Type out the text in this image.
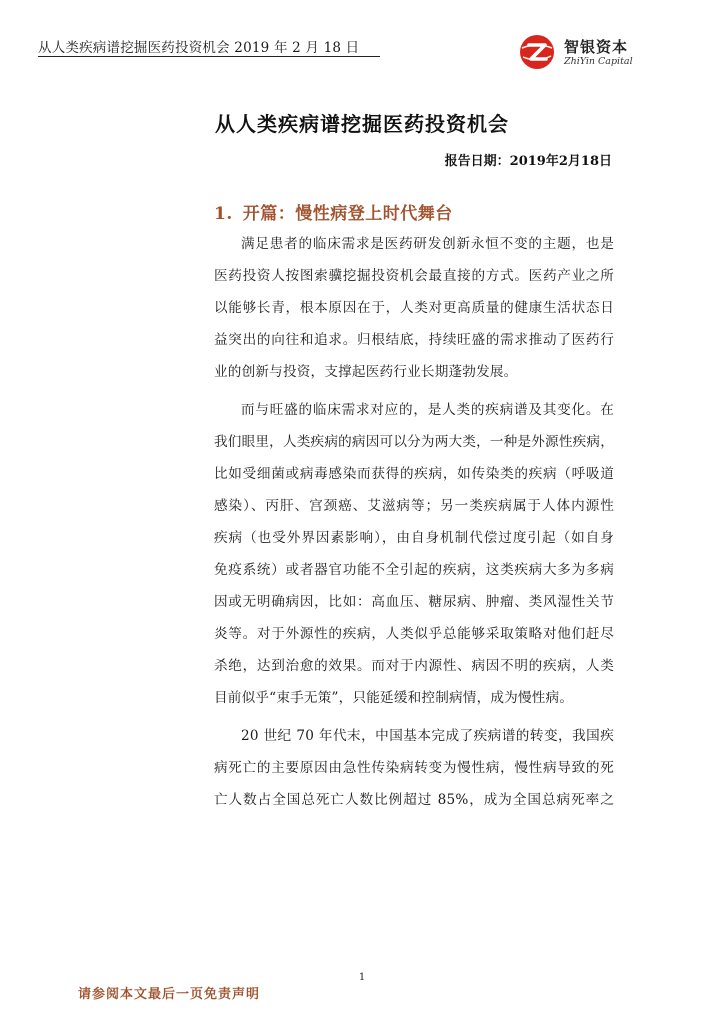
从人类疾病谱挖掘医药投资机会 2019 年 2 月 18 日	智银资本
ZhiYin Capital
从人类疾病谱挖掘医药投资机会
报告日期：2019年2月18日
1. 开篇：慢性病登上时代舞台
满足患者的临床需求是医药研发创新永恒不变的主题，也是
医药投资人按图索骥挖掘投资机会最直接的方式。医药产业之所
以能够长青，根本原因在于，人类对更高质量的健康生活状态日
益突出的向往和追求。归根结底，持续旺盛的需求推动了医药行
业的创新与投资，支撑起医药行业长期蓬勃发展。
而与旺盛的临床需求对应的，是人类的疾病谱及其变化。在
我们眼里，人类疾病的病因可以分为两大类，一种是外源性疾病，
比如受细菌或病毒感染而获得的疾病，如传染类的疾病（呼吸道
感染）、丙肝、宫颈癌、艾滋病等；另一类疾病属于人体内源性
疾病（也受外界因素影响），由自身机制代偿过度引起（如自身
免疫系统）或者器官功能不全引起的疾病，这类疾病大多为多病
因或无明确病因，比如：高血压、糖尿病、肿瘤、类风湿性关节
炎等。对于外源性的疾病，人类似乎总能够采取策略对他们赶尽
杀绝，达到治愈的效果。而对于内源性、病因不明的疾病，人类
目前似乎“束手无策”，只能延缓和控制病情，成为慢性病。
20 世纪 70 年代末，中国基本完成了疾病谱的转变，我国疾
病死亡的主要原因由急性传染病转变为慢性病，慢性病导致的死
亡人数占全国总死亡人数比例超过 85%，成为全国总病死率之
1
请参阅本文最后一页免责声明
